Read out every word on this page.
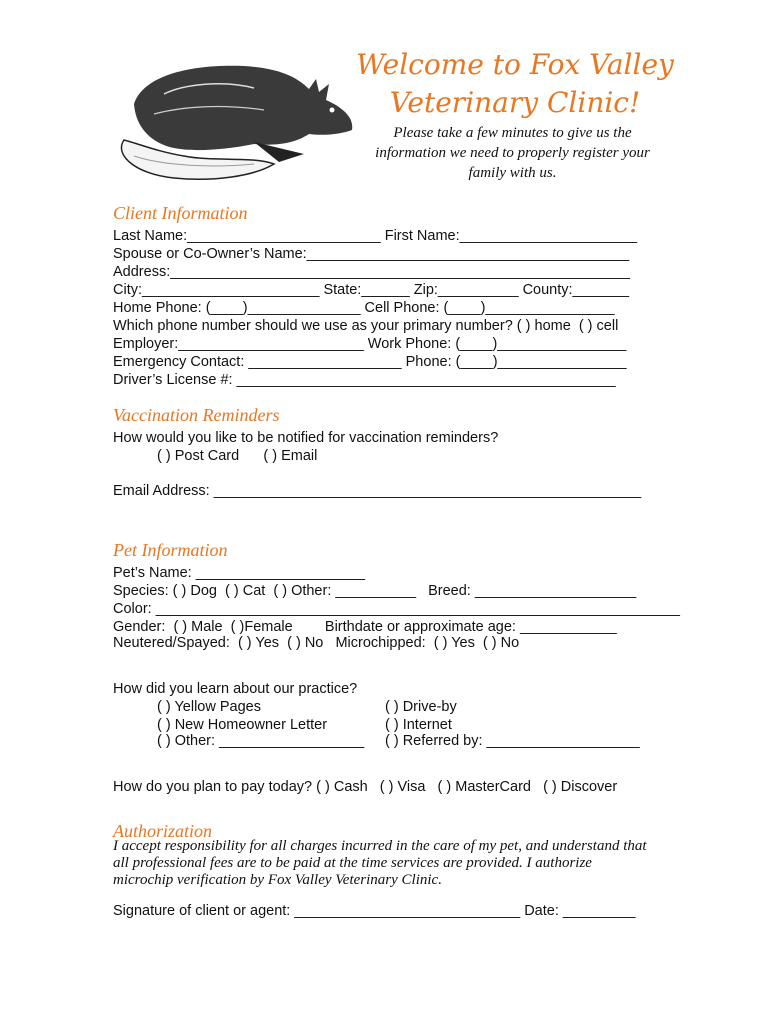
Welcome to Fox Valley
Veterinary Clinic!
Please take a few minutes to give us the information we need to properly register your family with us.
Client Information
Last Name:________________________ First Name:______________________
Spouse or Co-Owner’s Name:________________________________________
Address:_________________________________________________________
City:______________________ State:______ Zip:__________ County:_______
Home Phone: (____)______________ Cell Phone: (____)________________
Which phone number should we use as your primary number? ( ) home  ( ) cell
Employer:_______________________ Work Phone: (____)________________
Emergency Contact: ___________________ Phone: (____)________________
Driver’s License #: _______________________________________________
Vaccination Reminders
How would you like to be notified for vaccination reminders?
( ) Post Card      ( ) Email
Email Address: _____________________________________________________
Pet Information
Pet’s Name: _____________________
Species: ( ) Dog  ( ) Cat  ( ) Other: __________   Breed: ____________________
Color: _________________________________________________________________
Gender:  ( ) Male  ( )Female        Birthdate or approximate age: ____________
Neutered/Spayed:  ( ) Yes  ( ) No   Microchipped:  ( ) Yes  ( ) No
How did you learn about our practice?
( ) Yellow Pages
( ) New Homeowner Letter
( ) Other: __________________
( ) Drive-by
( ) Internet
( ) Referred by: ___________________
How do you plan to pay today? ( ) Cash   ( ) Visa   ( ) MasterCard   ( ) Discover
Authorization
I accept responsibility for all charges incurred in the care of my pet, and understand that all professional fees are to be paid at the time services are provided. I authorize microchip verification by Fox Valley Veterinary Clinic.
Signature of client or agent: ____________________________ Date: _________
